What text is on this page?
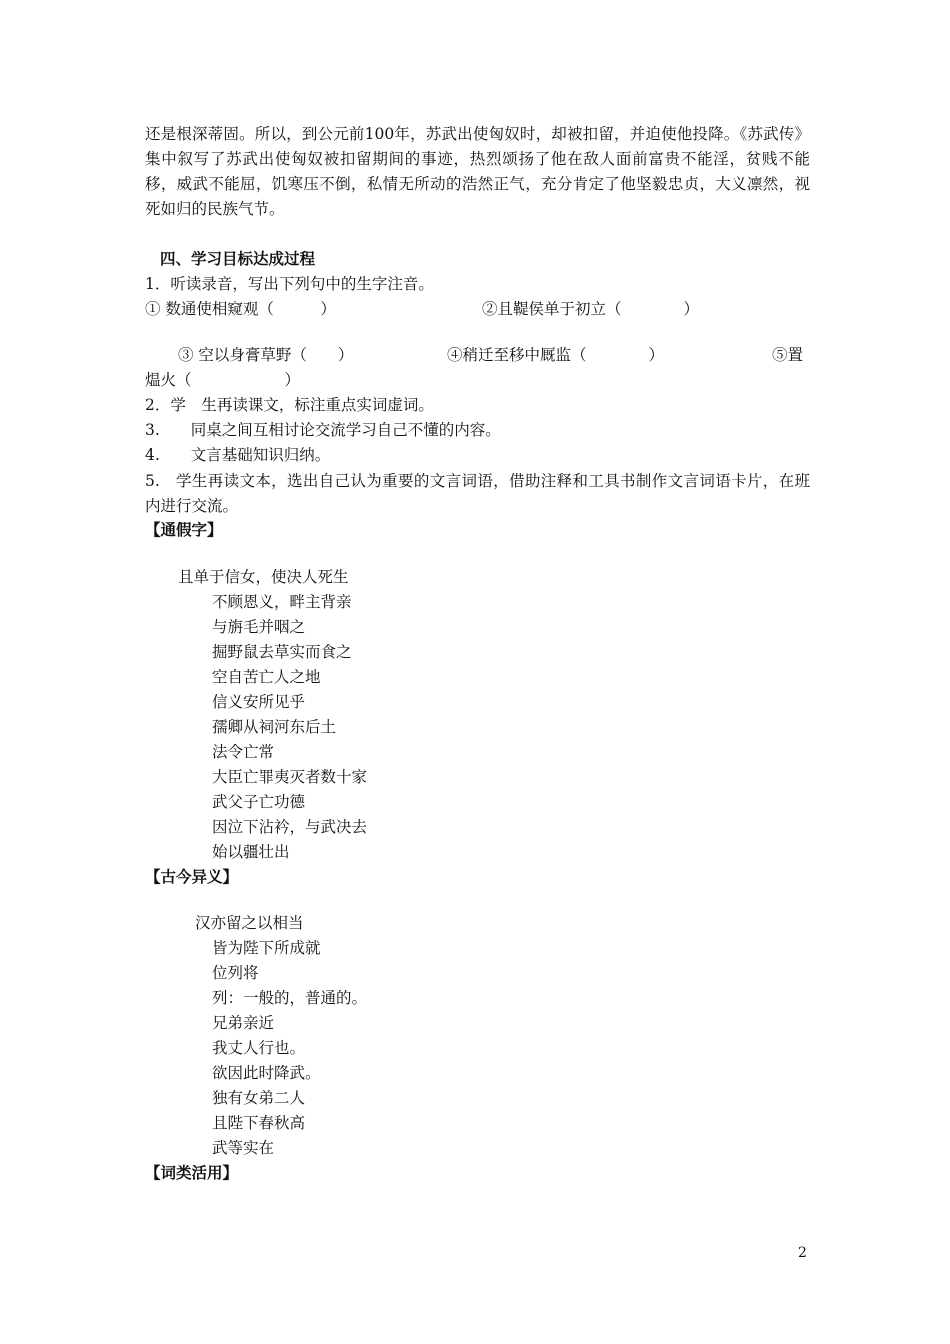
还是根深蒂固。所以，到公元前100年，苏武出使匈奴时，却被扣留，并迫使他投降。《苏武传》集中叙写了苏武出使匈奴被扣留期间的事迹，热烈颂扬了他在敌人面前富贵不能淫，贫贱不能移，威武不能屈，饥寒压不倒，私情无所动的浩然正气，充分肯定了他坚毅忠贞，大义凛然，视死如归的民族气节。
四、学习目标达成过程
1．听读录音，写出下列句中的生字注音。
① 数通使相窥观（　　　）	②且鞮侯单于初立（　　　　）
③ 空以身膏草野（　　）	④稍迁至移中厩监（　　　　）	⑤置
煴火（　　　　　　）
2．学　生再读课文，标注重点实词虚词。
3.　　同桌之间互相讨论交流学习自己不懂的内容。
4.　　文言基础知识归纳。
5.　学生再读文本，选出自己认为重要的文言词语，借助注释和工具书制作文言词语卡片，在班内进行交流。
【通假字】
且单于信女，使决人死生
不顾恩义，畔主背亲
与旃毛并咽之
掘野鼠去草实而食之
空自苦亡人之地
信义安所见乎
孺卿从祠河东后土
法令亡常
大臣亡罪夷灭者数十家
武父子亡功德
因泣下沾衿，与武决去
始以疆壮出
【古今异义】
汉亦留之以相当
皆为陛下所成就
位列将
列：一般的，普通的。
兄弟亲近
我丈人行也。
欲因此时降武。
独有女弟二人
且陛下春秋高
武等实在
【词类活用】
2
